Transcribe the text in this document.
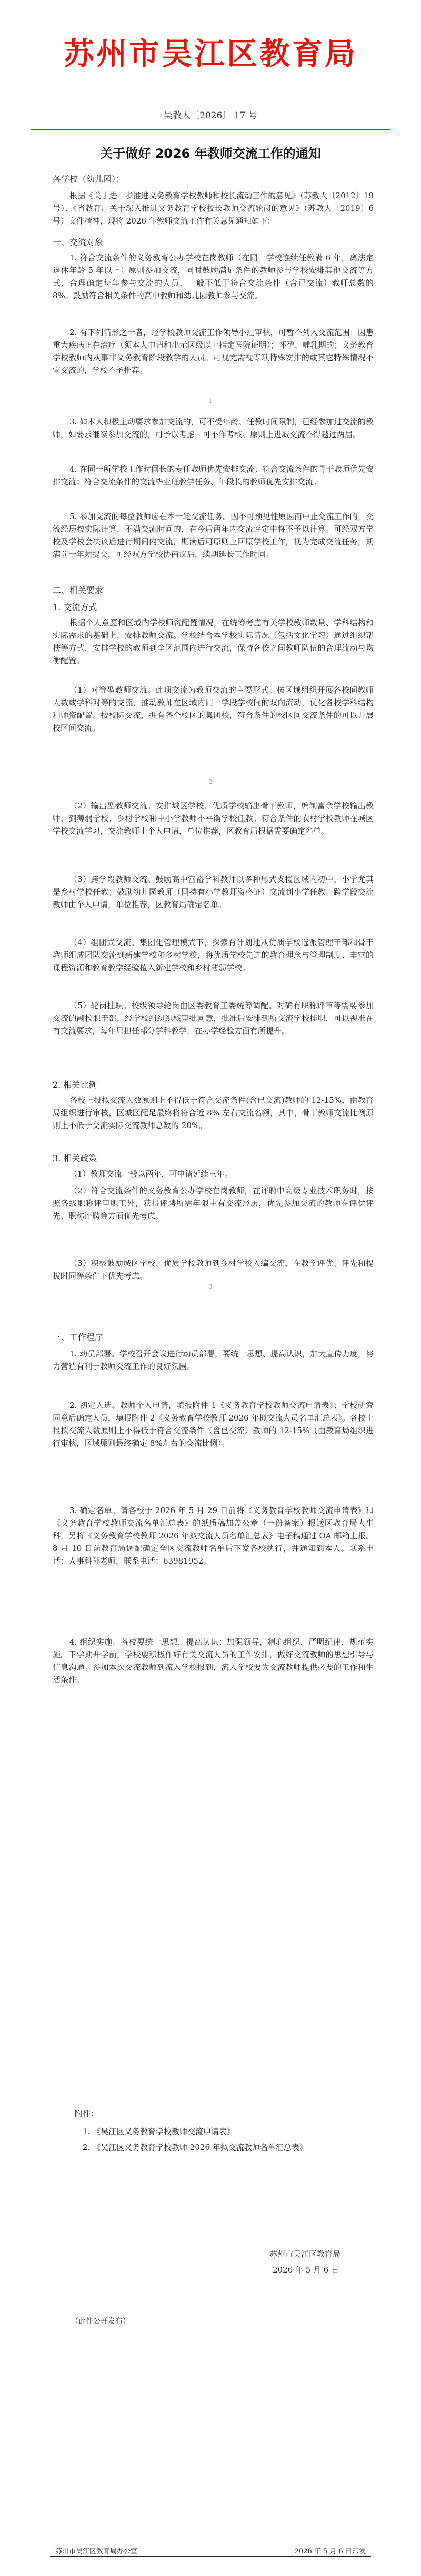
苏州市吴江区教育局
吴教人〔2026〕 17 号
关于做好 2026 年教师交流工作的通知
各学校（幼儿园）：

根据《关于进一步推进义务教育学校教师和校长流动工作的意见》（苏教人〔2012〕19 号）、《省教育厅关于深入推进义务教育学校校长教师交流轮岗的意见》（苏教人〔2019〕6 号）文件精神，现将 2026 年教师交流工作有关意见通知如下：

一、交流对象

1. 符合交流条件的义务教育公办学校在岗教师（在同一学校连续任教满 6 年，离法定退休年龄 5 年以上）原则参加交流，同时鼓励满足条件的教师参与学校安排其他交流等方式，合理确定每年参与交流的人员，一般不低于符合交流条件（含已交流）教师总数的 8%。鼓励符合相关条件的高中教师和幼儿园教师参与交流。

2. 有下列情形之一者，经学校教师交流工作领导小组审核，可暂不列入交流范围：因患重大疾病正在治疗（须本人申请和出示区级以上指定医院证明）；怀孕、哺乳期的；义务教育学校教师内从事非义务教育阶段教学的人员。可视完需视专项特殊安排的或其它特殊情况不宜交流的，学校不予推荐。

1

3. 如本人积极主动要求参加交流的，可不受年龄、任教时间限制，已经参加过交流的教师，如要求继续参加交流的，可予以考虑，可不作考核。原则上进城交流不得越过两届。

4. 在同一所学校工作时间长的专任教师优先安排交流；符合交流条件的骨干教师优先安排交流；符合交流条件的交流毕业班教学任务、年段长的教师优先安排交流。

5. 参加交流的每位教师应在本一轮交流任务。因不可预见性原因而中止交流工作的，交流经历按实际计算，不满交流时间的，在今后两年内交流评定中将不予以计算。可经双方学校及学校会决议后进行期间内交流，期满后可原则上回原学校工作，视为完成交流任务，期满前一年须提交，可经双方学校协商议后，续期延长工作时间。

二、相关要求

1. 交流方式

根据个人意愿和区域内学校师资配置情况，在统筹考虑有关学校教师数量、学科结构和实际需求的基础上，安排教师交流。学校结合本学校实际情况（包括文化学习）通过组织帮扶等方式，安排学校的教师到全区范围内进行交流，保持各校之间教师队伍的合理流动与均衡配置。

（1）对等型教师交流。此项交流为教师交流的主要形式。按区域组织开展各校间教师人数或学科对等的交流，推动教师在区域内同一学段学校间的双向流动，优化各校学科结构和师资配置。按校际交流，拥有各个校区的集团校，符合条件的校区间交流条件的可以开展校区间交流。

2

（2）输出型教师交流。安排城区学校、优质学校输出骨干教师，编制富余学校输出教师，到薄弱学校、乡村学校和中小学教师不平衡学校任教；符合条件的农村学校教师在城区学校交流学习，交流教师由个人申请，单位推荐，区教育局根据需要确定名单。

（3）跨学段教师交流。鼓励高中富裕学科教师以多种形式支援区域内初中、小学尤其是乡村学校任教；鼓励幼儿园教师（同持有小学教师资格证）交流到小学任教。跨学段交流教师由个人申请，单位推荐，区教育局确定名单。

（4）组团式交流。集团化管理模式下，探索有计划地从优质学校选派管理干部和骨干教师组成团队交流到新建学校和乡村学校，将优质学校先进的教育理念与管理制度、丰富的课程资源和教育教学经验植入新建学校和乡村薄弱学校。

（5）轮岗挂职。校级领导轮岗由区委教育工委统筹调配。对确有职称评审等需要参加交流的副校职干部，经学校组织织核审批同意，批准后安排到所交流学校挂职，可以视准在有交流要求，每年只担任部分学科教学，在办学经验方面有所提升。

2. 相关比例

各校上报拟交流人数原则上不得低于符合交流条件(含已交流)教师的 12-15%，由教育局组织进行审核，区城区配足最终将符合近 8% 左右交流名额，其中，骨干教师交流比例原则上不低于交流实际交流教师总数的 20%。

3. 相关政策

（1）教师交流一般以两年，可申请延续三年。

（2）符合交流条件的义务教育公办学校在岗教师，在评聘中高级专业技术职务时，按照各级职称评审职工外，获得评聘所需年限中有交流经历，优先参加交流的教师在评优评先、职称评聘等方面优先考虑。

（3）积极鼓励城区学校、优质学校教师到乡村学校入编交流，在教学评优、评先和提拔时同等条件下优先考虑。

3

三、工作程序

1. 动员部署。学校召开会议进行动员部署，要统一思想、提高认识，加大宣传力度，努力营造有利于教师交流工作的良好氛围。

2. 初定人选。教师个人申请，填报附件 1《义务教育学校教师交流申请表》；学校研究同意后确定人员，填报附件 2《义务教育学校教师 2026 年拟交流人员名单汇总表》。各校上报拟交流人数原则上不得低于符合交流条件（含已交流）教师的 12-15%（由教育局组织进行审核，区域原则最终确定 8%左右的交流比例）。

3. 确定名单。请各校于 2026 年 5 月 29 日前将《义务教育学校教师交流申请表》和《义务教育学校教师交流名单汇总表》的纸质稿加盖公章（一份备案）报送区教育局人事科，另将《义务教育学校教师 2026 年拟交流人员名单汇总表》电子稿通过 OA 邮箱上报。8 月 10 日前教育局调配确定全区交流教师名单后下发各校执行，并通知到本人。联系电话：人事科孙老师，联系电话：63981952。

4. 组织实施。各校要统一思想，提高认识；加强领导，精心组织，严明纪律，规范实施。下学期开学前，学校要积极作好有关交流人员的工作安排，做好交流教师的思想引导与信息沟通。参加本次交流教师到流入学校报到，流入学校要为交流教师提供必要的工作和生活条件。

附件：
1. 《吴江区义务教育学校教师交流申请表》
2. 《吴江区义务教育学校教师 2026 年拟交流教师名单汇总表》
苏州市吴江区教育局
2026 年 5 月 6 日
（此件公开发布）
苏州市吴江区教育局办公室	2026 年 5 月 6 日印发
